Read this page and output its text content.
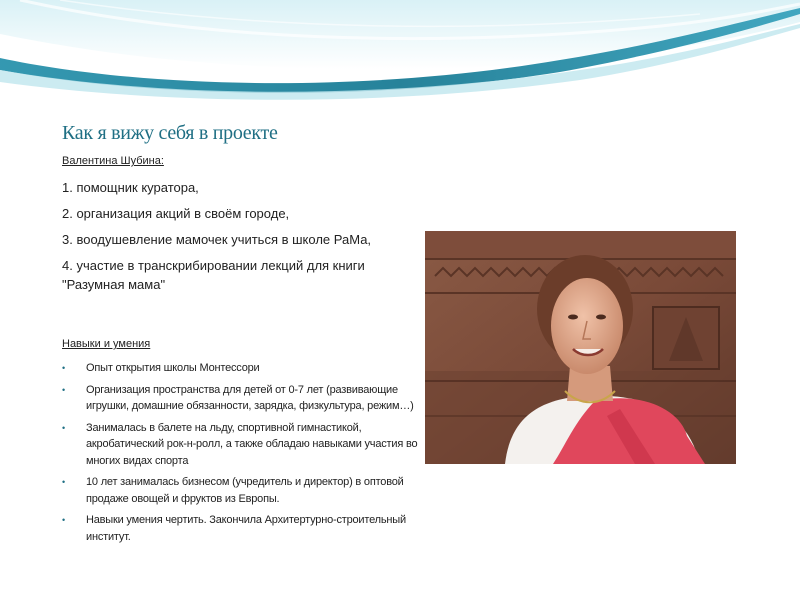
Как я вижу себя в проекте
Валентина Шубина:
1. помощник куратора,
2. организация акций в своём городе,
3. воодушевление мамочек учиться в школе РаМа,
4. участие в транскрибировании лекций для книги "Разумная мама"
Навыки и умения
• Опыт открытия школы Монтессори
• Организация пространства для детей от 0-7 лет (развивающие игрушки, домашние обязанности, зарядка, физкультура, режим…)
• Занималась в балете на льду, спортивной гимнастикой, акробатический рок-н-ролл, а также обладаю навыками участия во многих видах спорта
• 10 лет занималась бизнесом (учредитель и директор) в оптовой продаже овощей и фруктов из Европы.
• Навыки умения чертить. Закончила Архитертурно-строительный институт.
